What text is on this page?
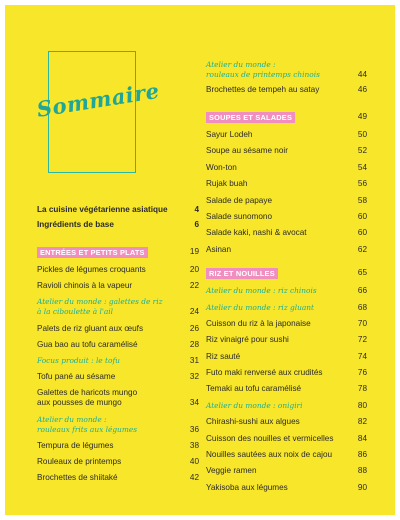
Sommaire
La cuisine végétarienne asiatique	4
Ingrédients de base	6
ENTRÉES ET PETITS PLATS	19
Pickles de légumes croquants	20
Ravioli chinois à la vapeur	22
Atelier du monde : galettes de riz
à la ciboulette à l'ail	24
Palets de riz gluant aux œufs	26
Gua bao au tofu caramélisé	28
Focus produit : le tofu	31
Tofu pané au sésame	32
Galettes de haricots mungo
aux pousses de mungo	34
Atelier du monde :
rouleaux frits aux légumes	36
Tempura de légumes	38
Rouleaux de printemps	40
Brochettes de shiitaké	42
Atelier du monde :
rouleaux de printemps chinois	44
Brochettes de tempeh au satay	46
SOUPES ET SALADES	49
Sayur Lodeh	50
Soupe au sésame noir	52
Won-ton	54
Rujak buah	56
Salade de papaye	58
Salade sunomono	60
Salade kaki, nashi & avocat	60
Asinan	62
RIZ ET NOUILLES	65
Atelier du monde : riz chinois	66
Atelier du monde : riz gluant	68
Cuisson du riz à la japonaise	70
Riz vinaigré pour sushi	72
Riz sauté	74
Futo maki renversé aux crudités	76
Temaki au tofu caramélisé	78
Atelier du monde : onigiri	80
Chirashi-sushi aux algues	82
Cuisson des nouilles et vermicelles	84
Nouilles sautées aux noix de cajou	86
Veggie ramen	88
Yakisoba aux légumes	90
